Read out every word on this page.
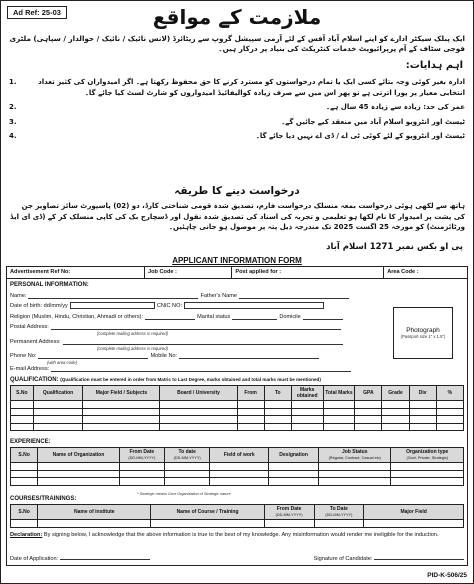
Ad Ref: 25-03	ملازمت کے مواقع
ایک پبلک سیکٹر ادارے کو اپنے اسلام آباد آفس کے لئے آرمی سپیشل گروپ سے ریٹائرڈ (لانس نائیک / نائیک / حوالدار / سپاہی) ملٹری فوجی سٹاف کے آم پرپرائیویٹ خدمات کنٹریکٹ کی بنیاد پر درکار ہیں۔
اہم ہدایات:
ادارہ بغیر کوئی وجہ بتائے کسی ایک یا تمام درخواستوں کو مسترد کرنے کا حق محفوظ رکھتا ہے۔ اگر امیدواران کی کثیر تعداد انتخابی معیار پر پورا اترتی ہے تو پھر اس میں سے صرف زیادہ کوالیفائیڈ امیدواروں کو شارٹ لسٹ کیا جائے گا۔
1.
عمر کی حد: زیادہ سے زیادہ 45 سال ہے۔
2.
ٹیسٹ اور انٹرویو اسلام آباد میں منعقد کیے جائیں گے۔
3.
ٹیسٹ اور انٹرویو کے لئے کوئی ٹی اے / ڈی اے نہیں دیا جائے گا۔
4.
درخواست دینے کا طریقہ
ہاتھ سے لکھی ہوئی درخواست بمعہ منسلک درخواست فارم، تصدیق شدہ قومی شناختی کارڈ، دو (02) پاسپورٹ سائز تصاویر جن کی پشت پر امیدوار کا نام لکھا ہو تعلیمی و تجربہ کی اسناد کی تصدیق شدہ نقول اور ڈسچارج بک کی کاپی منسلک کر کے (ڈی ای ایڈ ورٹائزمنٹ) کو مورخہ 25 اگست 2025 تک مندرجہ ذیل پتہ پر موصول ہو جانی چاہئیں۔
پی او بکس نمبر 1271 اسلام آباد
APPLICANT INFORMATION FORM
Advertisement Ref No:	Job Code :	Post applied for :	Area Code :
PERSONAL INFORMATION:
Name:	Father's Name
Date of birth: dd/mm/yy	CNIC NO:
Religion (Muslim, Hindu, Christian, Ahmadi or others):	Marital status	Domicile
Postal Address:
(complete mailing address is required)
Permanent Address:
(complete mailing address is required)
Phone No:	Mobile No:
(with area code)
E-mail Address:
Photograph
(Passport size 1" x 1.5")
QUALIFICATION: (Qualification must be entered in order from Matric to Last Degree, marks obtained and total marks must be mentioned)
S.No	Qualification	Major Field / Subjects	Board / University	From	To	Marks obtained	Total Marks	GPA	Grade	Div	%

EXPERIENCE:
S.No	Name of Organization	From Date
(DD-MM-YYYY)	To date
(DD-MM-YYYY)	Field of work	Designation	Job Status
(Regular, Contract, Casual etc)	Organization type
(Govt, Private, Strategic)

* Strategic means Govt Organization of Strategic nature
COURSES/TRAININGS:
S.No	Name of institute	Name of Course / Training	From Date
(DD-MM-YYYY)	To Date
(DD-MM-YYYY)	Major Field

Declaration: By signing below, I acknowledge that the above information is true to the best of my knowledge. Any misinformation would render me ineligible for the induction.
Date of Application:	Signature of Candidate:
PID-K-506/25
